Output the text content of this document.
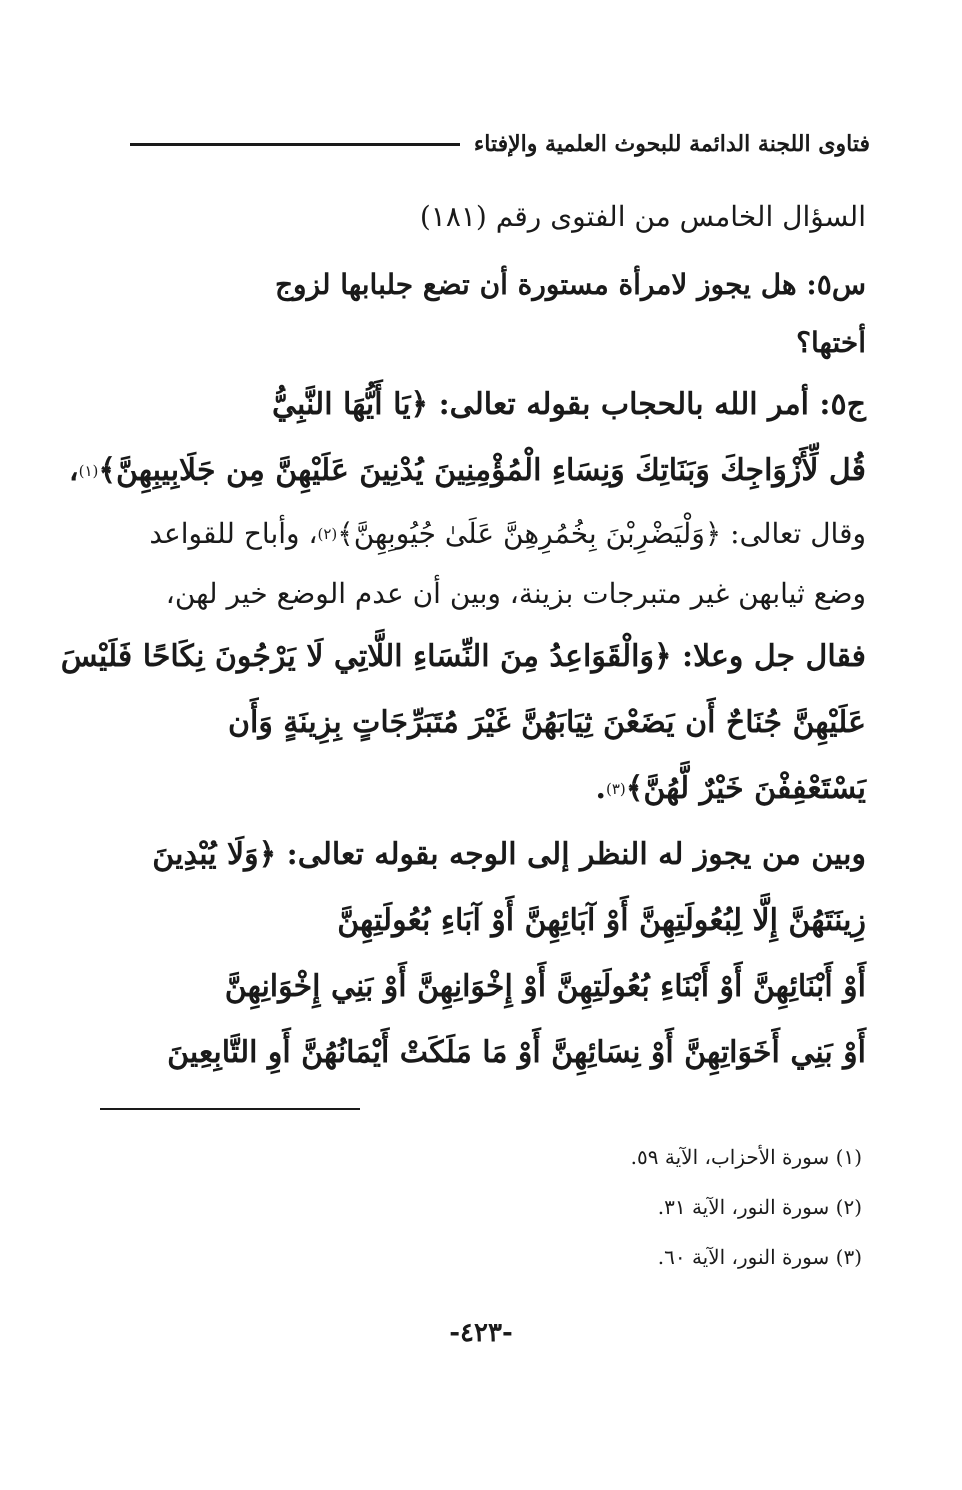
فتاوى اللجنة الدائمة للبحوث العلمية والإفتاء
السؤال الخامس من الفتوى رقم (١٨١)
س٥: هل يجوز لامرأة مستورة أن تضع جلبابها لزوج
أختها؟
ج٥: أمر الله بالحجاب بقوله تعالى: ﴿يَا أَيُّهَا النَّبِيُّ
قُل لِّأَزْوَاجِكَ وَبَنَاتِكَ وَنِسَاءِ الْمُؤْمِنِينَ يُدْنِينَ عَلَيْهِنَّ مِن جَلَابِيبِهِنَّ﴾
(١)
،
وقال تعالى: ﴿وَلْيَضْرِبْنَ بِخُمُرِهِنَّ عَلَىٰ جُيُوبِهِنَّ﴾
(٢)
، وأباح للقواعد
وضع ثيابهن غير متبرجات بزينة، وبين أن عدم الوضع خير لهن،
فقال جل وعلا: ﴿وَالْقَوَاعِدُ مِنَ النِّسَاءِ اللَّاتِي لَا يَرْجُونَ نِكَاحًا فَلَيْسَ
عَلَيْهِنَّ جُنَاحٌ أَن يَضَعْنَ ثِيَابَهُنَّ غَيْرَ مُتَبَرِّجَاتٍ بِزِينَةٍ وَأَن
يَسْتَعْفِفْنَ خَيْرٌ لَّهُنَّ﴾
(٣)
.
وبين من يجوز له النظر إلى الوجه بقوله تعالى: ﴿وَلَا يُبْدِينَ
زِينَتَهُنَّ إِلَّا لِبُعُولَتِهِنَّ أَوْ آبَائِهِنَّ أَوْ آبَاءِ بُعُولَتِهِنَّ
أَوْ أَبْنَائِهِنَّ أَوْ أَبْنَاءِ بُعُولَتِهِنَّ أَوْ إِخْوَانِهِنَّ أَوْ بَنِي إِخْوَانِهِنَّ
أَوْ بَنِي أَخَوَاتِهِنَّ أَوْ نِسَائِهِنَّ أَوْ مَا مَلَكَتْ أَيْمَانُهُنَّ أَوِ التَّابِعِينَ
(١) سورة الأحزاب، الآية ٥٩.
(٢) سورة النور، الآية ٣١.
(٣) سورة النور، الآية ٦٠.
-٤٢٣-
